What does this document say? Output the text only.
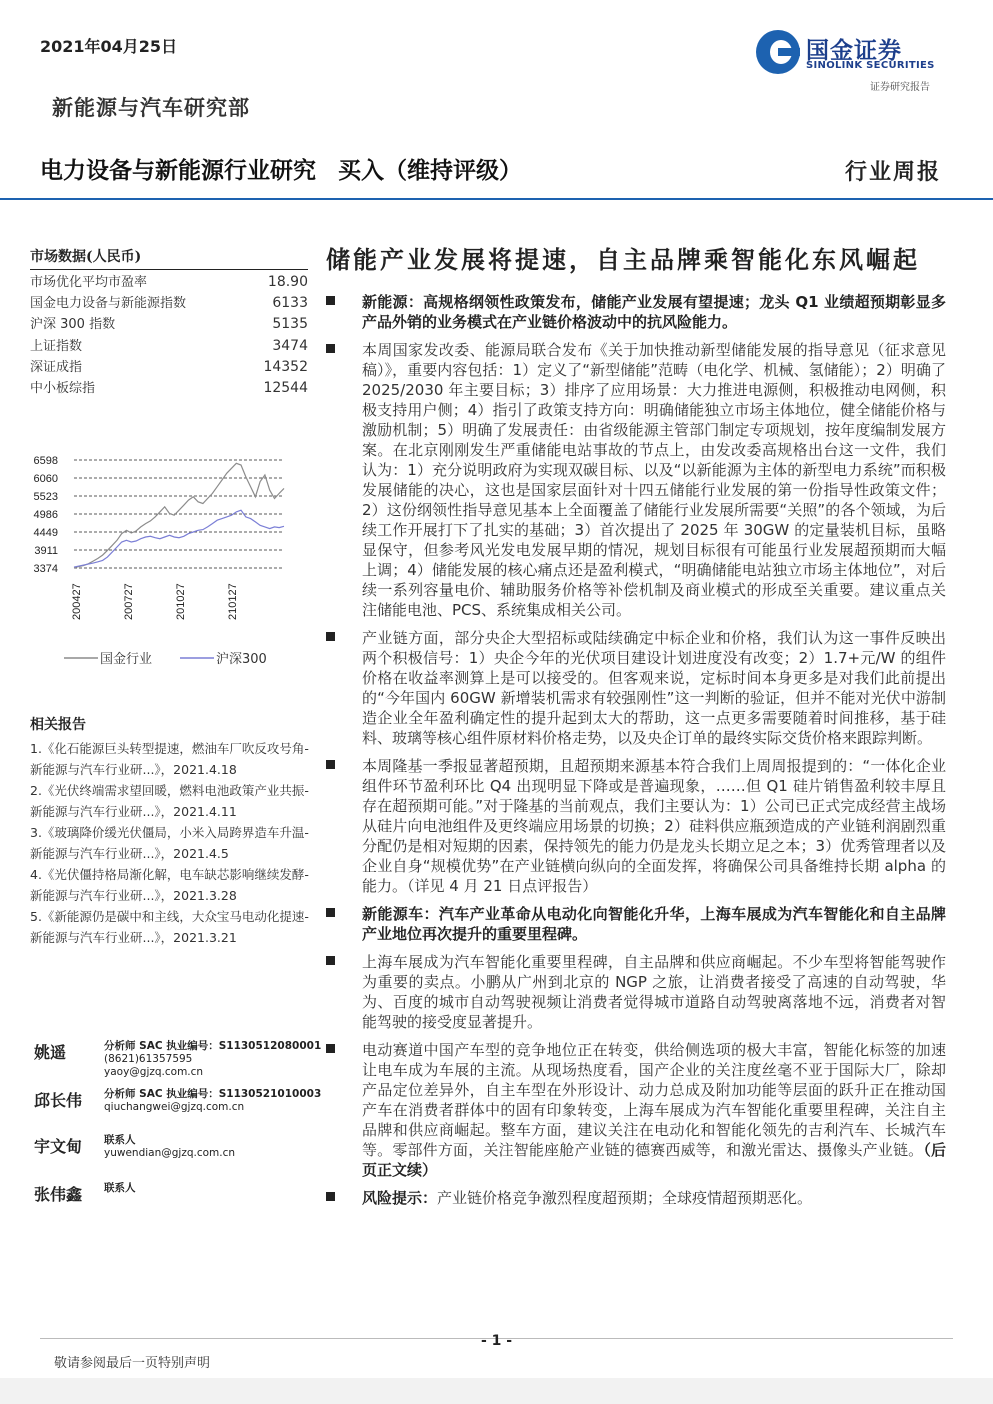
2021年04月25日
新能源与汽车研究部
国金证券
SINOLINK SECURITIES
证券研究报告
电力设备与新能源行业研究 买入（维持评级）	行业周报
市场数据(人民币)
市场优化平均市盈率	18.90
国金电力设备与新能源指数	6133
沪深 300 指数	5135
上证指数	3474
深证成指	14352
中小板综指	12544
6598
6060
5523
4986
4449
3911
3374
200427	200727	201027	210127
国金行业	沪深300
相关报告
1.《化石能源巨头转型提速，燃油车厂吹反攻号角-新能源与汽车行业研...》，2021.4.18
2.《光伏终端需求望回暖，燃料电池政策产业共振-新能源与汽车行业研...》，2021.4.11
3.《玻璃降价缓光伏僵局，小米入局跨界造车升温-新能源与汽车行业研...》，2021.4.5
4.《光伏僵持格局渐化解，电车缺芯影响继续发酵-新能源与汽车行业研...》，2021.3.28
5.《新能源仍是碳中和主线，大众宝马电动化提速-新能源与汽车行业研...》，2021.3.21
姚遥	分析师 SAC 执业编号：S1130512080001
(8621)61357595
yaoy@gjzq.com.cn
邱长伟 分析师 SAC 执业编号：S1130521010003
qiuchangwei@gjzq.com.cn
宇文甸 联系人
yuwendian@gjzq.com.cn
张伟鑫 联系人
储能产业发展将提速，自主品牌乘智能化东风崛起
新能源：高规格纲领性政策发布，储能产业发展有望提速；龙头 Q1 业绩超预期彰显多产品外销的业务模式在产业链价格波动中的抗风险能力。
本周国家发改委、能源局联合发布《关于加快推动新型储能发展的指导意见（征求意见稿）》，重要内容包括：1）定义了“新型储能”范畴（电化学、机械、氢储能）；2）明确了 2025/2030 年主要目标；3）排序了应用场景：大力推进电源侧，积极推动电网侧，积极支持用户侧；4）指引了政策支持方向：明确储能独立市场主体地位，健全储能价格与激励机制；5）明确了发展责任：由省级能源主管部门制定专项规划，按年度编制发展方案。在北京刚刚发生严重储能电站事故的节点上，由发改委高规格出台这一文件，我们认为：1）充分说明政府为实现双碳目标、以及“以新能源为主体的新型电力系统”而积极发展储能的决心，这也是国家层面针对十四五储能行业发展的第一份指导性政策文件；2）这份纲领性指导意见基本上全面覆盖了储能行业发展所需要“关照”的各个领域，为后续工作开展打下了扎实的基础；3）首次提出了 2025 年 30GW 的定量装机目标，虽略显保守，但参考风光发电发展早期的情况，规划目标很有可能虽行业发展超预期而大幅上调；4）储能发展的核心痛点还是盈利模式，“明确储能电站独立市场主体地位”，对后续一系列容量电价、辅助服务价格等补偿机制及商业模式的形成至关重要。建议重点关注储能电池、PCS、系统集成相关公司。
产业链方面，部分央企大型招标或陆续确定中标企业和价格，我们认为这一事件反映出两个积极信号：1）央企今年的光伏项目建设计划进度没有改变；2）1.7+元/W 的组件价格在收益率测算上是可以接受的。但客观来说，定标时间本身更多是对我们此前提出的“今年国内 60GW 新增装机需求有较强刚性”这一判断的验证，但并不能对光伏中游制造企业全年盈利确定性的提升起到太大的帮助，这一点更多需要随着时间推移，基于硅料、玻璃等核心组件原材料价格走势，以及央企订单的最终实际交货价格来跟踪判断。
本周隆基一季报显著超预期，且超预期来源基本符合我们上周周报提到的：“一体化企业组件环节盈利环比 Q4 出现明显下降或是普遍现象，……但 Q1 硅片销售盈利较丰厚且存在超预期可能。”对于隆基的当前观点，我们主要认为：1）公司已正式完成经营主战场从硅片向电池组件及更终端应用场景的切换；2）硅料供应瓶颈造成的产业链利润剧烈重分配仍是相对短期的因素，保持领先的能力仍是龙头长期立足之本；3）优秀管理者以及企业自身“规模优势”在产业链横向纵向的全面发挥，将确保公司具备维持长期 alpha 的能力。（详见 4 月 21 日点评报告）
新能源车：汽车产业革命从电动化向智能化升华，上海车展成为汽车智能化和自主品牌产业地位再次提升的重要里程碑。
上海车展成为汽车智能化重要里程碑，自主品牌和供应商崛起。不少车型将智能驾驶作为重要的卖点。小鹏从广州到北京的 NGP 之旅，让消费者接受了高速的自动驾驶，华为、百度的城市自动驾驶视频让消费者觉得城市道路自动驾驶离落地不远，消费者对智能驾驶的接受度显著提升。
电动赛道中国产车型的竞争地位正在转变，供给侧选项的极大丰富，智能化标签的加速让电车成为车展的主流。从现场热度看，国产企业的关注度丝毫不亚于国际大厂，除却产品定位差异外，自主车型在外形设计、动力总成及附加功能等层面的跃升正在推动国产车在消费者群体中的固有印象转变，上海车展成为汽车智能化重要里程碑，关注自主品牌和供应商崛起。整车方面，建议关注在电动化和智能化领先的吉利汽车、长城汽车等。零部件方面，关注智能座舱产业链的德赛西威等，和激光雷达、摄像头产业链。（后页正文续）
风险提示：产业链价格竞争激烈程度超预期；全球疫情超预期恶化。
- 1 -
敬请参阅最后一页特别声明
